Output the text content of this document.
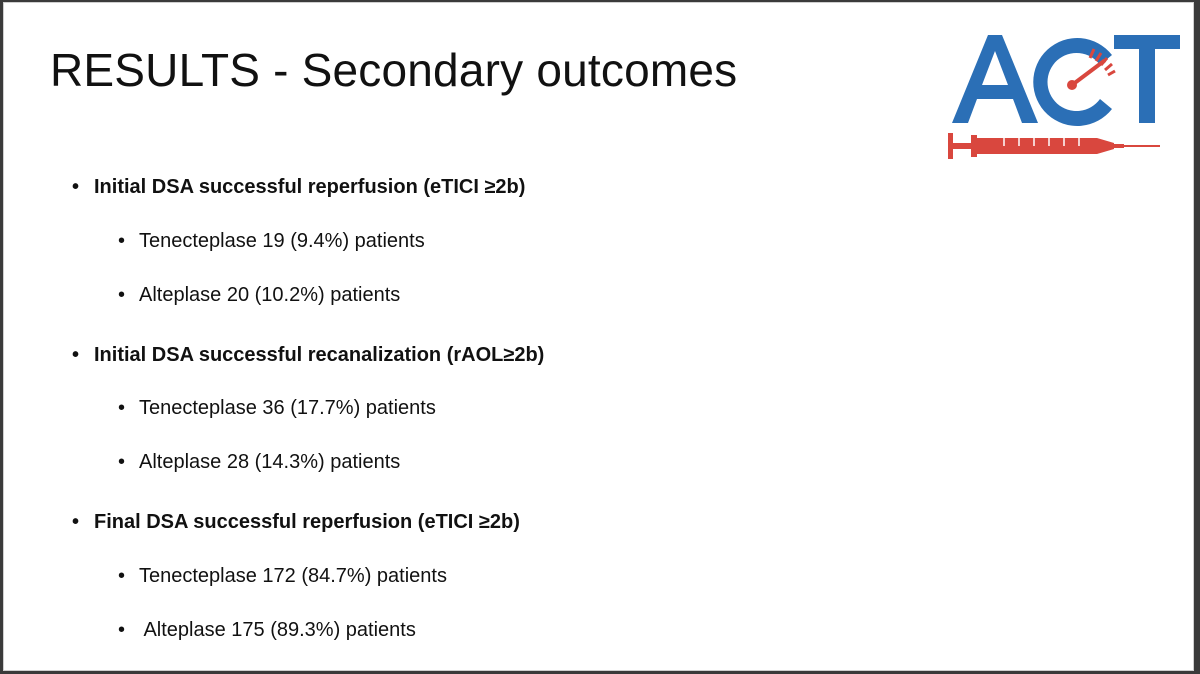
RESULTS - Secondary outcomes
• Initial DSA successful reperfusion (eTICI ≥2b)
• Tenecteplase 19 (9.4%) patients
• Alteplase 20 (10.2%) patients
• Initial DSA successful recanalization (rAOL≥2b)
• Tenecteplase 36 (17.7%) patients
• Alteplase 28 (14.3%) patients
• Final DSA successful reperfusion (eTICI ≥2b)
• Tenecteplase 172 (84.7%) patients
• Alteplase 175 (89.3%) patients
